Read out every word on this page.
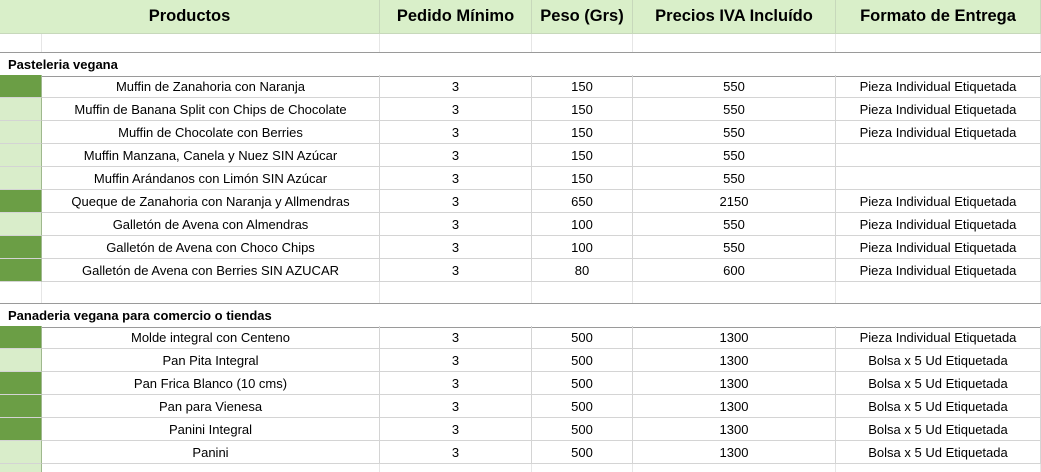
Productos	Pedido Mínimo	Peso (Grs)	Precios IVA Incluído	Formato de Entrega
Pasteleria vegana
Muffin de Zanahoria con Naranja	3	150	550	Pieza Individual Etiquetada
Muffin de Banana Split con Chips de Chocolate	3	150	550	Pieza Individual Etiquetada
Muffin de Chocolate con Berries	3	150	550	Pieza Individual Etiquetada
Muffin Manzana, Canela y Nuez SIN Azúcar	3	150	550
Muffin Arándanos con Limón SIN Azúcar	3	150	550
Queque de Zanahoria con Naranja y Allmendras	3	650	2150	Pieza Individual Etiquetada
Galletón de Avena con Almendras	3	100	550	Pieza Individual Etiquetada
Galletón de Avena con Choco Chips	3	100	550	Pieza Individual Etiquetada
Galletón de Avena con Berries SIN AZUCAR	3	80	600	Pieza Individual Etiquetada
Panaderia vegana para comercio o tiendas
Molde integral con Centeno	3	500	1300	Pieza Individual Etiquetada
Pan Pita Integral	3	500	1300	Bolsa x 5 Ud Etiquetada
Pan Frica Blanco (10 cms)	3	500	1300	Bolsa x 5 Ud Etiquetada
Pan para Vienesa	3	500	1300	Bolsa x 5 Ud Etiquetada
Panini Integral	3	500	1300	Bolsa x 5 Ud Etiquetada
Panini	3	500	1300	Bolsa x 5 Ud Etiquetada
